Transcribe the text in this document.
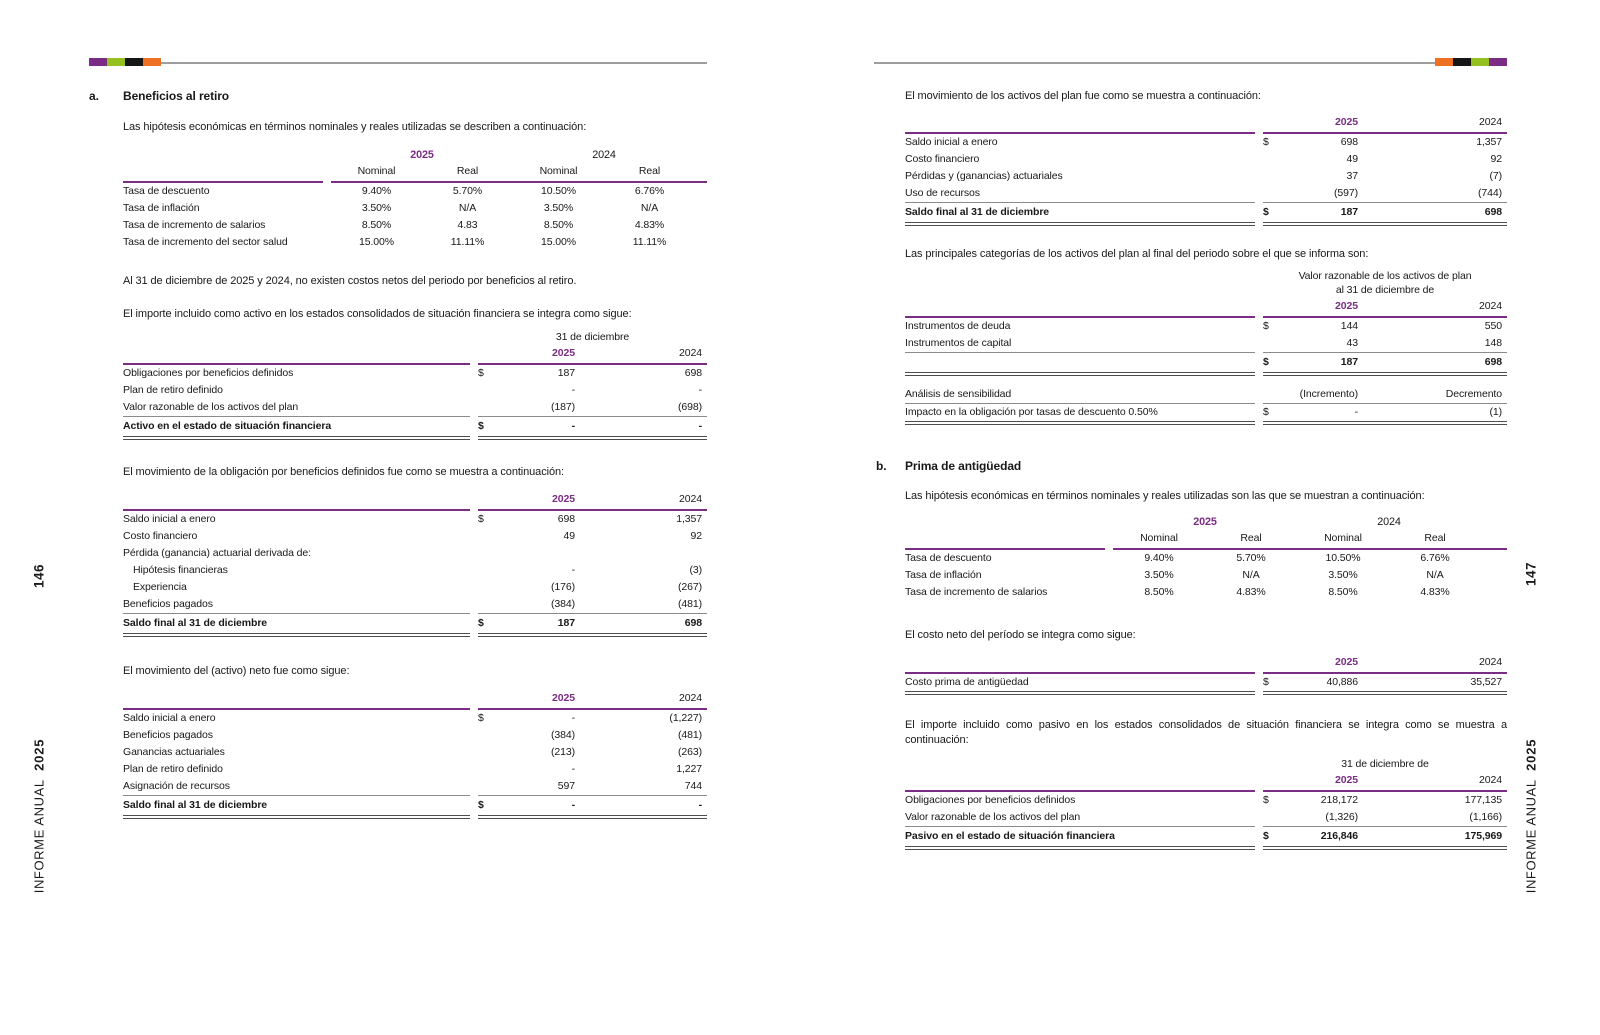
a.	Beneficios al retiro

Las hipótesis económicas en términos nominales y reales utilizadas se describen a continuación:

		2025		2024		
		Nominal	Real	Nominal	Real	
Tasa de descuento		9.40%	5.70%	10.50%	6.76%	
Tasa de inflación		3.50%	N/A	3.50%	N/A	
Tasa de incremento de salarios		8.50%	4.83	8.50%	4.83%	
Tasa de incremento del sector salud		15.00%	11.11%	15.00%	11.11%	

Al 31 de diciembre de 2025 y 2024, no existen costos netos del periodo por beneficios al retiro.

El importe incluido como activo en los estados consolidados de situación financiera se integra como sigue:

		31 de diciembre		
			2025	2024
Obligaciones por beneficios definidos		$	187	698
Plan de retiro definido			-	-
Valor razonable de los activos del plan			(187)	(698)
Activo en el estado de situación financiera		$	-	-

El movimiento de la obligación por beneficios definidos fue como se muestra a continuación:

			2025	2024
Saldo inicial a enero		$	698	1,357
Costo financiero			49	92
Pérdida (ganancia) actuarial derivada de:				
Hipótesis financieras			-	(3)
Experiencia			(176)	(267)
Beneficios pagados			(384)	(481)
Saldo final al 31 de diciembre		$	187	698

El movimiento del (activo) neto fue como sigue:

			2025	2024
Saldo inicial a enero		$	-	(1,227)
Beneficios pagados			(384)	(481)
Ganancias actuariales			(213)	(263)
Plan de retiro definido			-	1,227
Asignación de recursos			597	744
Saldo final al 31 de diciembre		$	-	-

El movimiento de los activos del plan fue como se muestra a continuación:

			2025	2024
Saldo inicial a enero		$	698	1,357
Costo financiero			49	92
Pérdidas y (ganancias) actuariales			37	(7)
Uso de recursos			(597)	(744)
Saldo final al 31 de diciembre		$	187	698

Las principales categorías de los activos del plan al final del periodo sobre el que se informa son:

		Valor razonable de los activos de plan		
		al 31 de diciembre de		
			2025	2024
Instrumentos de deuda		$	144	550
Instrumentos de capital			43	148
		$	187	698
Análisis de sensibilidad			(Incremento)	Decremento
Impacto en la obligación por tasas de descuento 0.50%		$	-	(1)
b.	Prima de antigüedad

Las hipótesis económicas en términos nominales y reales utilizadas son las que se muestran a continuación:

		2025		2024		
		Nominal	Real	Nominal	Real	
Tasa de descuento		9.40%	5.70%	10.50%	6.76%	
Tasa de inflación		3.50%	N/A	3.50%	N/A	
Tasa de incremento de salarios		8.50%	4.83%	8.50%	4.83%	

El costo neto del período se integra como sigue:

			2025	2024
Costo prima de antigüedad		$	40,886	35,527

El importe incluido como pasivo en los estados consolidados de situación financiera se integra como se muestra a continuación:

		31 de diciembre de		
			2025	2024
Obligaciones por beneficios definidos		$	218,172	177,135
Valor razonable de los activos del plan			(1,326)	(1,166)
Pasivo en el estado de situación financiera		$	216,846	175,969
146
INFORME ANUAL  2025
147
INFORME ANUAL  2025
